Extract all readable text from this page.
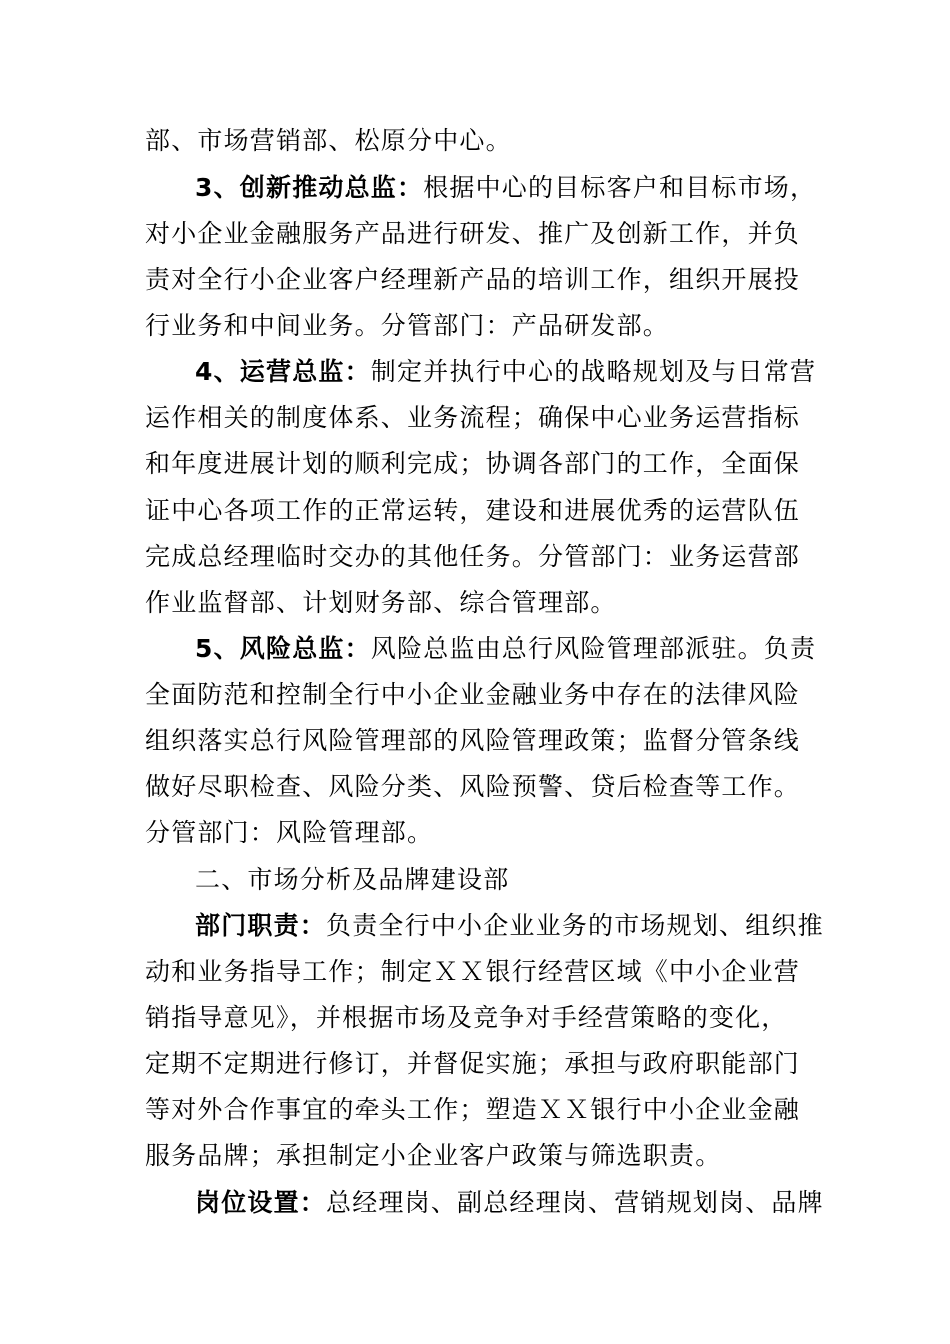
部、市场营销部、松原分中心。
3、创新推动总监：根据中心的目标客户和目标市场，
对小企业金融服务产品进行研发、推广及创新工作，并负
责对全行小企业客户经理新产品的培训工作，组织开展投
行业务和中间业务。分管部门：产品研发部。
4、运营总监：制定并执行中心的战略规划及与日常营
运作相关的制度体系、业务流程；确保中心业务运营指标
和年度进展计划的顺利完成；协调各部门的工作，全面保
证中心各项工作的正常运转，建设和进展优秀的运营队伍
完成总经理临时交办的其他任务。分管部门：业务运营部
作业监督部、计划财务部、综合管理部。
5、风险总监：风险总监由总行风险管理部派驻。负责
全面防范和控制全行中小企业金融业务中存在的法律风险
组织落实总行风险管理部的风险管理政策；监督分管条线
做好尽职检查、风险分类、风险预警、贷后检查等工作。
分管部门：风险管理部。
二、市场分析及品牌建设部
部门职责：负责全行中小企业业务的市场规划、组织推
动和业务指导工作；制定ＸＸ银行经营区域《中小企业营
销指导意见》，并根据市场及竞争对手经营策略的变化，
定期不定期进行修订，并督促实施；承担与政府职能部门
等对外合作事宜的牵头工作；塑造ＸＸ银行中小企业金融
服务品牌；承担制定小企业客户政策与筛选职责。
岗位设置：总经理岗、副总经理岗、营销规划岗、品牌
